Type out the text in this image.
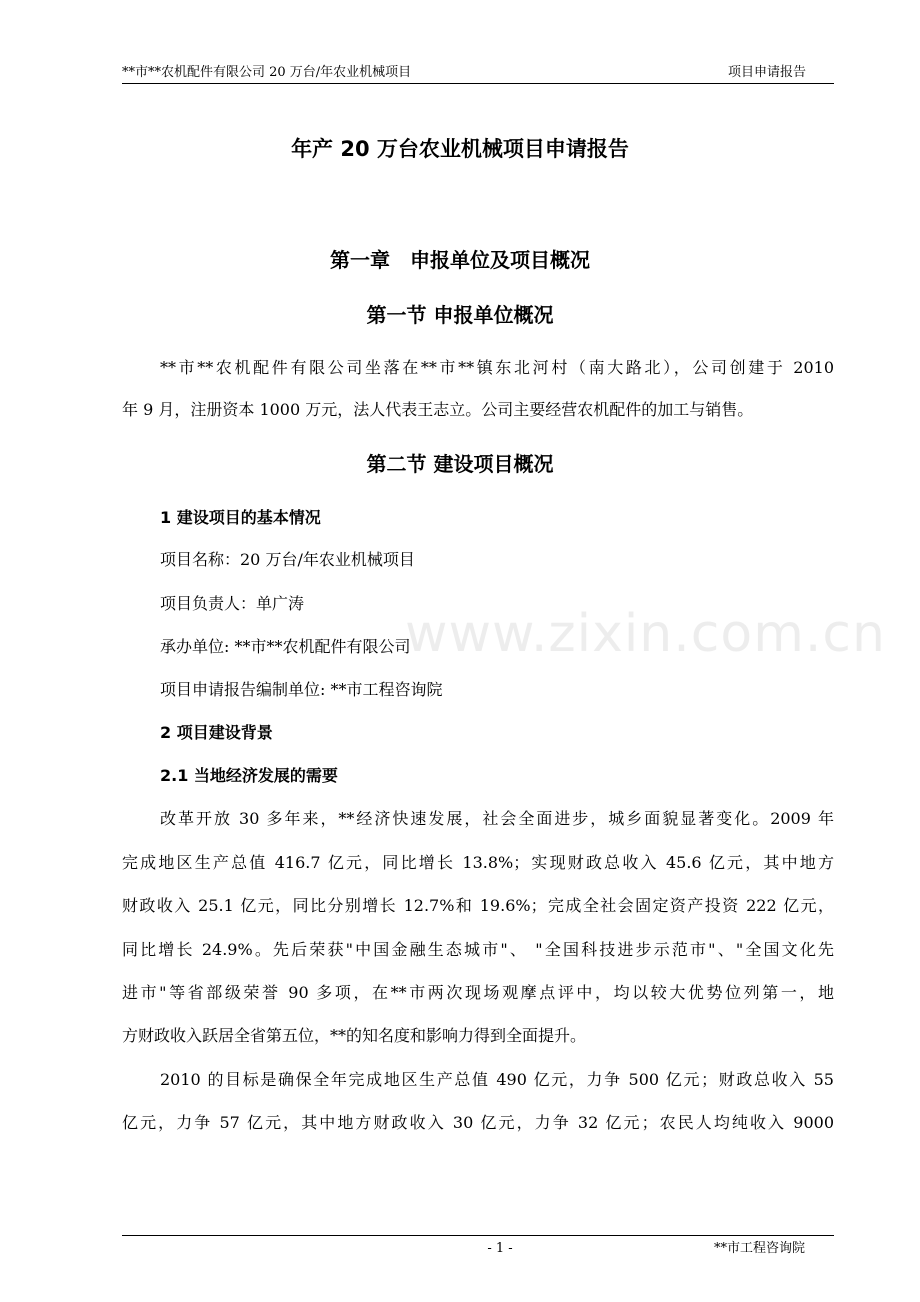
**市**农机配件有限公司 20 万台/年农业机械项目	项目申请报告
年产 20 万台农业机械项目申请报告
第一章　申报单位及项目概况
第一节 申报单位概况
**市**农机配件有限公司坐落在**市**镇东北河村（南大路北），公司创建于 2010
年 9 月，注册资本 1000 万元，法人代表王志立。公司主要经营农机配件的加工与销售。
第二节 建设项目概况
1 建设项目的基本情况
项目名称：20 万台/年农业机械项目
项目负责人：单广涛
承办单位: **市**农机配件有限公司
项目申请报告编制单位: **市工程咨询院
2 项目建设背景
2.1 当地经济发展的需要
改革开放 30 多年来，**经济快速发展，社会全面进步，城乡面貌显著变化。2009 年
完成地区生产总值 416.7 亿元，同比增长 13.8%；实现财政总收入 45.6 亿元，其中地方
财政收入 25.1 亿元，同比分别增长 12.7%和 19.6%；完成全社会固定资产投资 222 亿元，
同比增长 24.9%。先后荣获"中国金融生态城市"、 "全国科技进步示范市"、"全国文化先
进市"等省部级荣誉 90 多项，在**市两次现场观摩点评中，均以较大优势位列第一，地
方财政收入跃居全省第五位，**的知名度和影响力得到全面提升。
2010 的目标是确保全年完成地区生产总值 490 亿元，力争 500 亿元；财政总收入 55
亿元，力争 57 亿元，其中地方财政收入 30 亿元，力争 32 亿元；农民人均纯收入 9000
www.zixin.com.cn
- 1 -	**市工程咨询院
